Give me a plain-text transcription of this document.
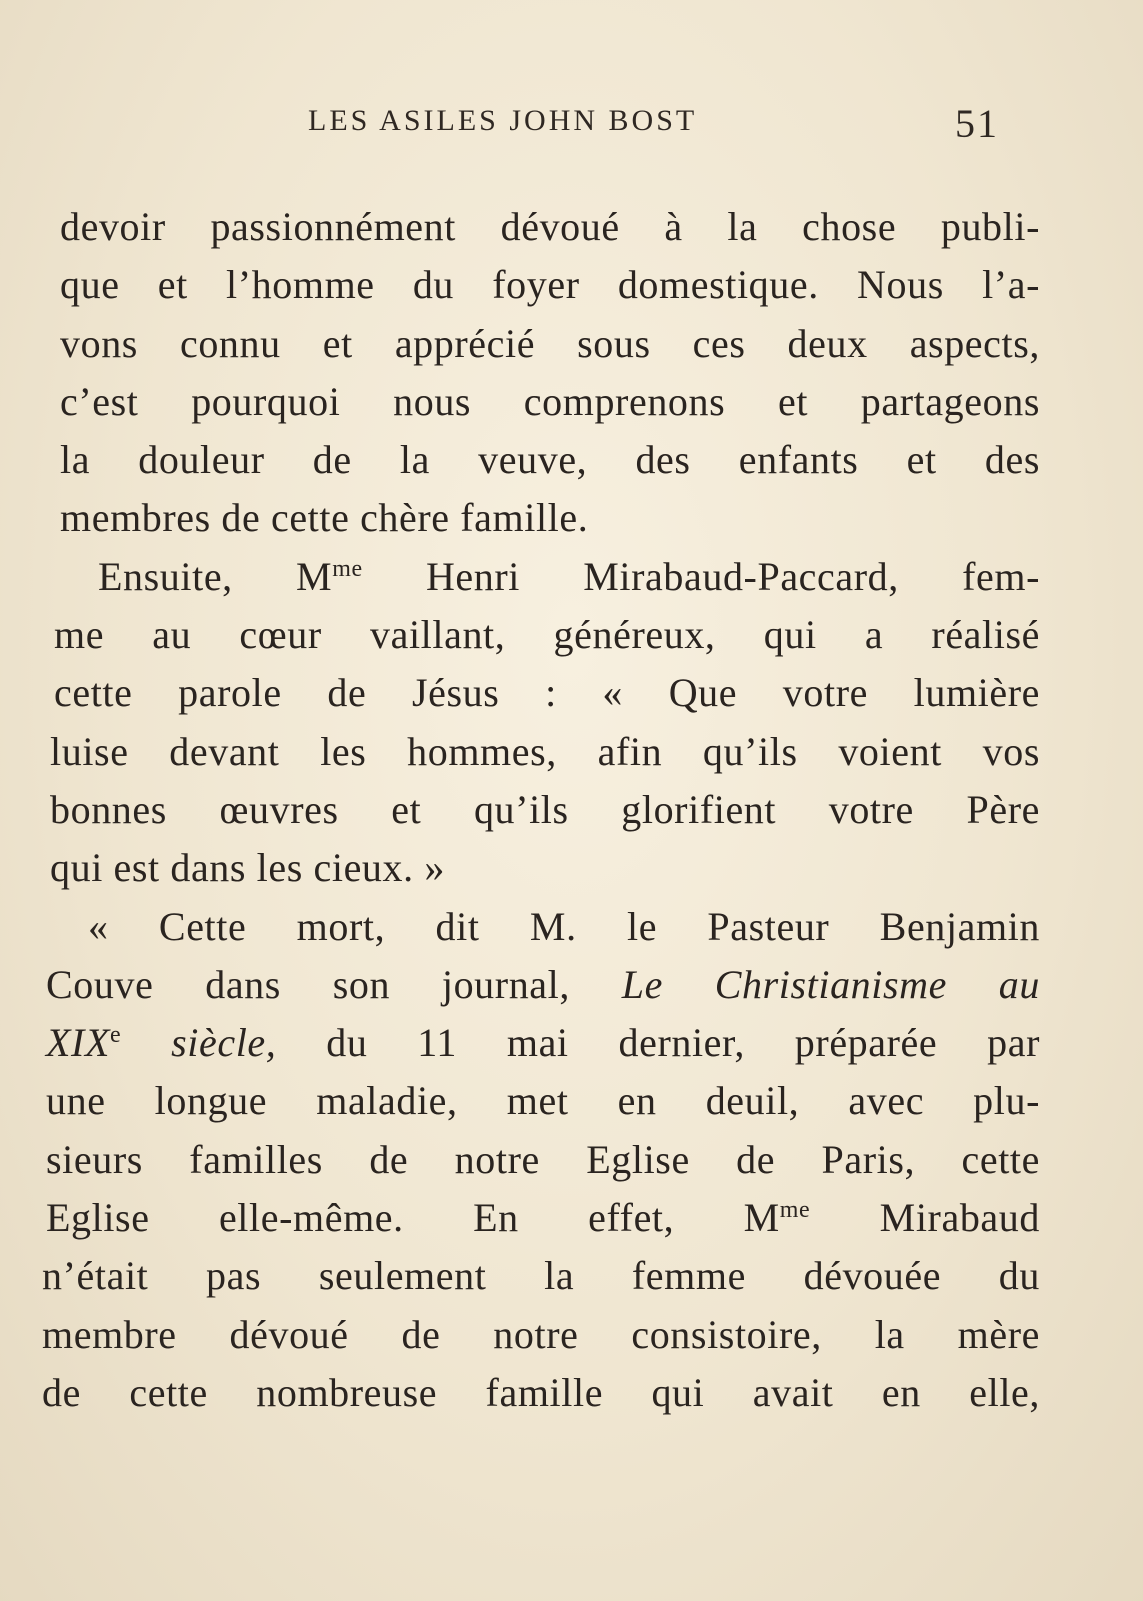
LES ASILES JOHN BOST	51
devoir passionnément dévoué à la chose publi-
que et l’homme du foyer domestique. Nous l’a-
vons connu et apprécié sous ces deux aspects,
c’est pourquoi nous comprenons et partageons
la douleur de la veuve, des enfants et des
membres de cette chère famille.
Ensuite, $M^{me}$ Henri Mirabaud-Paccard, fem-
me au cœur vaillant, généreux, qui a réalisé
cette parole de Jésus : « Que votre lumière
luise devant les hommes, afin qu’ils voient vos
bonnes œuvres et qu’ils glorifient votre Père
qui est dans les cieux. »
« Cette mort, dit M. le Pasteur Benjamin
Couve dans son journal, Le Christianisme au
XIXe siècle, du 11 mai dernier, préparée par
une longue maladie, met en deuil, avec plu-
sieurs familles de notre Eglise de Paris, cette
Eglise elle-même. En effet, $M^{me}$ Mirabaud
n’était pas seulement la femme dévouée du
membre dévoué de notre consistoire, la mère
de cette nombreuse famille qui avait en elle,
